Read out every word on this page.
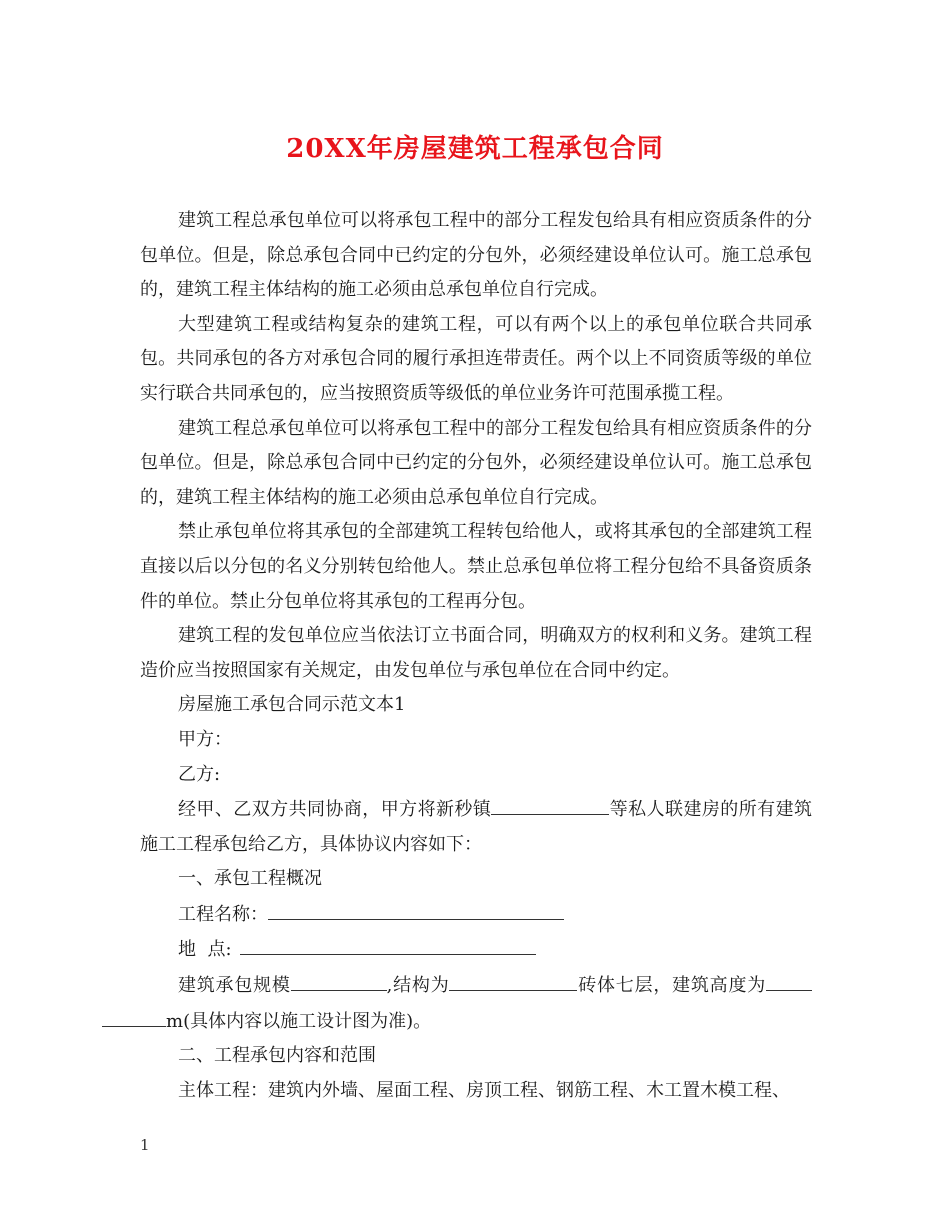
20XX年房屋建筑工程承包合同

建筑工程总承包单位可以将承包工程中的部分工程发包给具有相应资质条件的分包单位。但是，除总承包合同中已约定的分包外，必须经建设单位认可。施工总承包的，建筑工程主体结构的施工必须由总承包单位自行完成。

大型建筑工程或结构复杂的建筑工程，可以有两个以上的承包单位联合共同承包。共同承包的各方对承包合同的履行承担连带责任。两个以上不同资质等级的单位实行联合共同承包的，应当按照资质等级低的单位业务许可范围承揽工程。

建筑工程总承包单位可以将承包工程中的部分工程发包给具有相应资质条件的分包单位。但是，除总承包合同中已约定的分包外，必须经建设单位认可。施工总承包的，建筑工程主体结构的施工必须由总承包单位自行完成。

禁止承包单位将其承包的全部建筑工程转包给他人，或将其承包的全部建筑工程直接以后以分包的名义分别转包给他人。禁止总承包单位将工程分包给不具备资质条件的单位。禁止分包单位将其承包的工程再分包。

建筑工程的发包单位应当依法订立书面合同，明确双方的权利和义务。建筑工程造价应当按照国家有关规定，由发包单位与承包单位在合同中约定。

房屋施工承包合同示范文本1

甲方：

乙方:

经甲、乙双方共同协商，甲方将新秒镇	等私人联建房的所有建筑施工工程承包给乙方，具体协议内容如下：

一、承包工程概况

工程名称：

地  点:

建筑承包规模	,结构为	砖体七层，建筑高度为m(具体内容以施工设计图为准)。

二、工程承包内容和范围

主体工程：建筑内外墙、屋面工程、房顶工程、钢筋工程、木工置木模工程、

1
